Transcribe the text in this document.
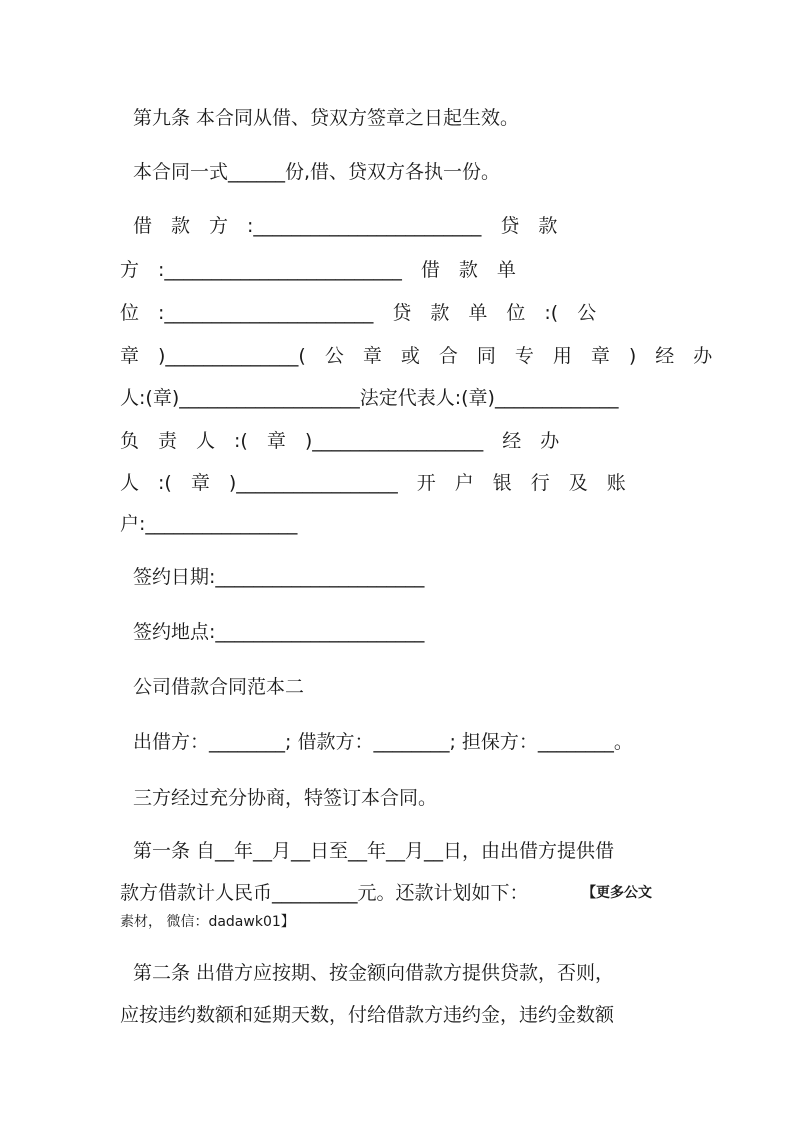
第九条 本合同从借、贷双方签章之日起生效。
本合同一式______份,借、贷双方各执一份。
借　款　方　:________________________　贷　款
方　:_________________________　借　款　单
位　:______________________　贷　款　单　位　:(　公
章　)______________(　公　章　或　合　同　专　用　章　)　经　办
人:(章)___________________法定代表人:(章)_____________
负　责　人　:(　章　)__________________　经　办
人　:(　章　)_________________　开　户　银　行　及　账
户:________________
签约日期:______________________
签约地点:______________________
公司借款合同范本二
出借方：________; 借款方：________; 担保方：________。
三方经过充分协商，特签订本合同。
第一条 自__年__月__日至__年__月__日，由出借方提供借
款方借款计人民币_________元。还款计划如下：	【更多公文
素材， 微信：dadawk01】
第二条 出借方应按期、按金额向借款方提供贷款，否则，
应按违约数额和延期天数，付给借款方违约金，违约金数额
